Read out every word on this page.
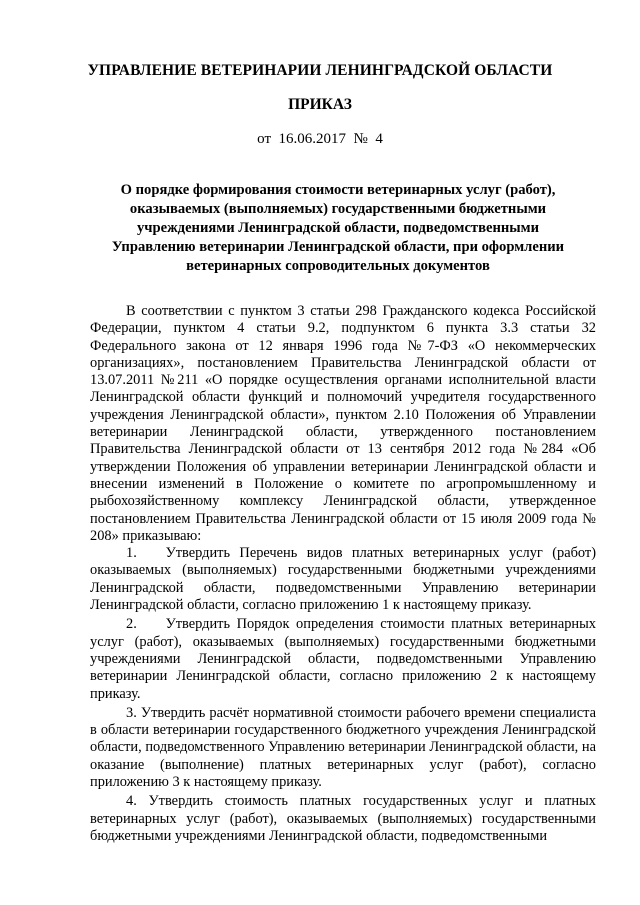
УПРАВЛЕНИЕ ВЕТЕРИНАРИИ ЛЕНИНГРАДСКОЙ ОБЛАСТИ
ПРИКАЗ
от  16.06.2017  №  4
О порядке формирования стоимости ветеринарных услуг (работ), оказываемых (выполняемых) государственными бюджетными учреждениями Ленинградской области, подведомственными Управлению ветеринарии Ленинградской области, при оформлении ветеринарных сопроводительных документов

В соответствии с пунктом 3 статьи 298 Гражданского кодекса Российской Федерации, пунктом 4 статьи 9.2, подпунктом 6 пункта 3.3 статьи 32 Федерального закона от 12 января 1996 года №7-ФЗ «О некоммерческих организациях», постановлением Правительства Ленинградской области от 13.07.2011 №211 «О порядке осуществления органами исполнительной власти Ленинградской области функций и полномочий учредителя государственного учреждения Ленинградской области», пунктом 2.10 Положения об Управлении ветеринарии Ленинградской области, утвержденного постановлением Правительства Ленинградской области от 13 сентября 2012 года №284 «Об утверждении Положения об управлении ветеринарии Ленинградской области и внесении изменений в Положение о комитете по агропромышленному и рыбохозяйственному комплексу Ленинградской области, утвержденное постановлением Правительства Ленинградской области от 15 июля 2009 года № 208» приказываю:

1.  Утвердить Перечень видов платных ветеринарных услуг (работ) оказываемых (выполняемых) государственными бюджетными учреждениями Ленинградской области, подведомственными Управлению ветеринарии Ленинградской области, согласно приложению 1 к настоящему приказу.

2.  Утвердить Порядок определения стоимости платных ветеринарных услуг (работ), оказываемых (выполняемых) государственными бюджетными учреждениями Ленинградской области, подведомственными Управлению ветеринарии Ленинградской области, согласно приложению 2 к настоящему приказу.

3. Утвердить расчёт нормативной стоимости рабочего времени специалиста в области ветеринарии государственного бюджетного учреждения Ленинградской области, подведомственного Управлению ветеринарии Ленинградской области, на оказание (выполнение) платных ветеринарных услуг (работ), согласно приложению 3 к настоящему приказу.

4. Утвердить стоимость платных государственных услуг и платных ветеринарных услуг (работ), оказываемых (выполняемых) государственными бюджетными учреждениями Ленинградской области, подведомственными
